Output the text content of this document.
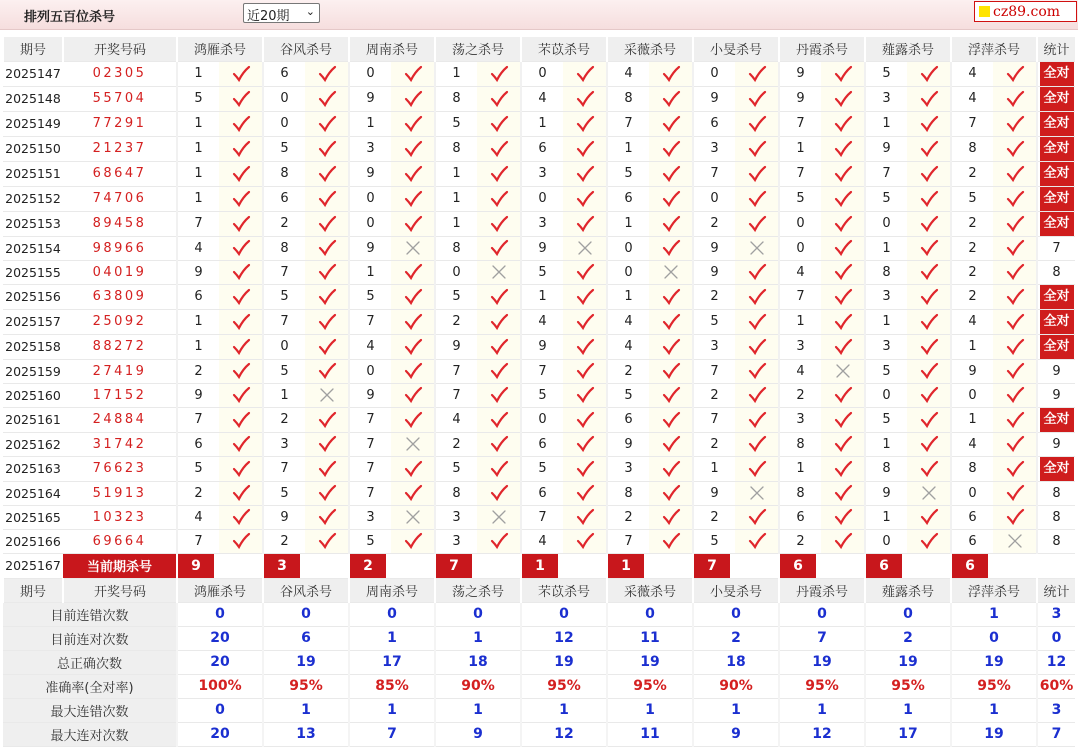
排列五百位杀号	近20期 ⌄	cz89.com
期号	开奖号码	鸿雁杀号		谷风杀号		周南杀号		荡之杀号		芣苡杀号		采薇杀号		小旻杀号		丹霞杀号		薤露杀号		浮萍杀号		统计
2025147	02305	1		6		0		1		0		4		0		9		5		4		全对

2025148	55704	5		0		9		8		4		8		9		9		3		4		全对

2025149	77291	1		0		1		5		1		7		6		7		1		7		全对

2025150	21237	1		5		3		8		6		1		3		1		9		8		全对

2025151	68647	1		8		9		1		3		5		7		7		7		2		全对

2025152	74706	1		6		0		1		0		6		0		5		5		5		全对

2025153	89458	7		2		0		1		3		1		2		0		0		2		全对

2025154	98966	4		8		9		8		9		0		9		0		1		2		7
2025155	04019	9		7		1		0		5		0		9		4		8		2		8
2025156	63809	6		5		5		5		1		1		2		7		3		2		全对

2025157	25092	1		7		7		2		4		4		5		1		1		4		全对

2025158	88272	1		0		4		9		9		4		3		3		3		1		全对

2025159	27419	2		5		0		7		7		2		7		4		5		9		9
2025160	17152	9		1		9		7		5		5		2		2		0		0		9
2025161	24884	7		2		7		4		0		6		7		3		5		1		全对

2025162	31742	6		3		7		2		6		9		2		8		1		4		9
2025163	76623	5		7		7		5		5		3		1		1		8		8		全对

2025164	51913	2		5		7		8		6		8		9		8		9		0		8
2025165	10323	4		9		3		3		7		2		2		6		1		6		8
2025166	69664	7		2		5		3		4		7		5		2		0		6		8
2025167	当前期杀号	9		3		2		7		1		1		7		6		6		6		

期号	开奖号码	鸿雁杀号		谷风杀号		周南杀号		荡之杀号		芣苡杀号		采薇杀号		小旻杀号		丹霞杀号		薤露杀号		浮萍杀号		统计
目前连错次数		0		0		0		0		0		0		0		0		0		1		3
目前连对次数		20		6		1		1		12		11		2		7		2		0		0
总正确次数		20		19		17		18		19		19		18		19		19		19		12
准确率(全对率)		100%		95%		85%		90%		95%		95%		90%		95%		95%		95%		60%
最大连错次数		0		1		1		1		1		1		1		1		1		1		3
最大连对次数		20		13		7		9		12		11		9		12		17		19		7
